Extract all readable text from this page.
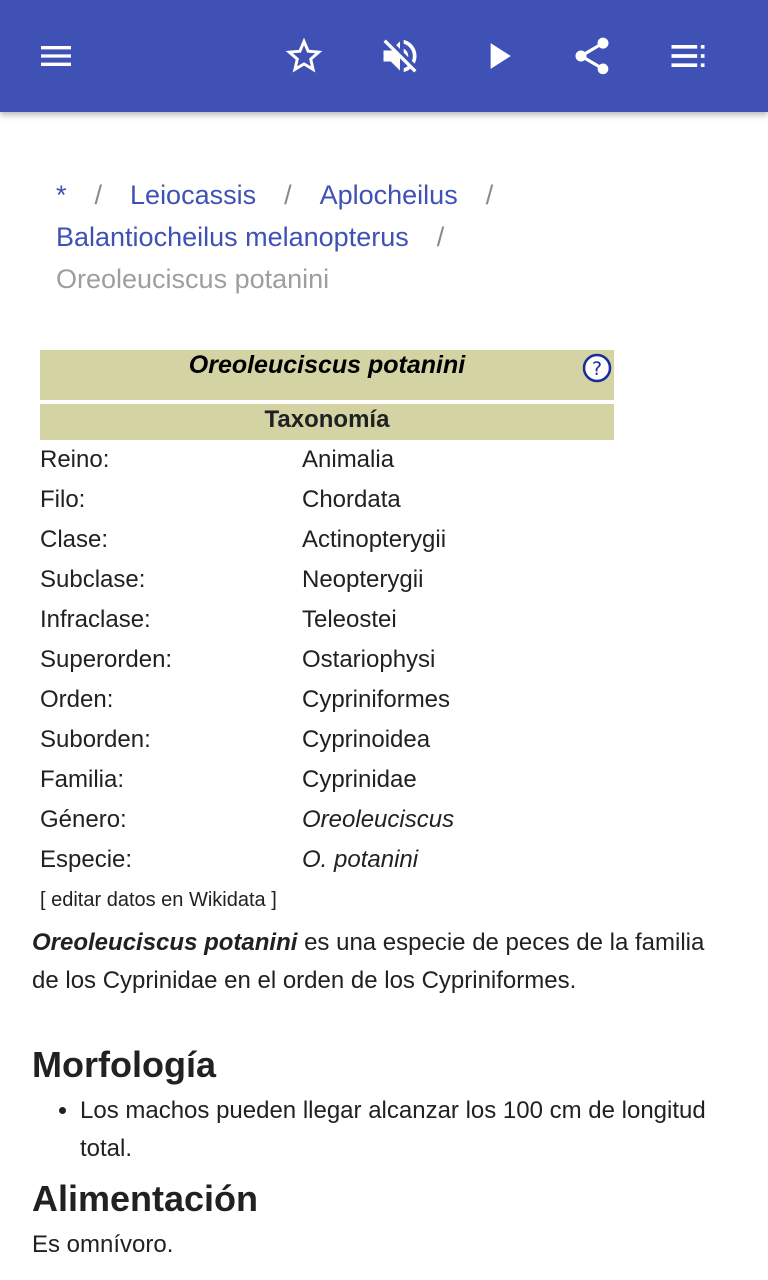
* / Leiocassis / Aplocheilus /
Balantiocheilus melanopterus /
Oreoleuciscus potanini
Oreoleuciscus potanini	?
Taxonomía
Reino:	Animalia
Filo:	Chordata
Clase:	Actinopterygii
Subclase:	Neopterygii
Infraclase:	Teleostei
Superorden:	Ostariophysi
Orden:	Cypriniformes
Suborden:	Cyprinoidea
Familia:	Cyprinidae
Género:	Oreoleuciscus
Especie:	O. potanini
[ editar datos en Wikidata ]
Oreoleuciscus potanini es una especie de peces de la familia de los Cyprinidae en el orden de los Cypriniformes.
Morfología
• Los machos pueden llegar alcanzar los 100 cm de longitud total.
Alimentación
Es omnívoro.
